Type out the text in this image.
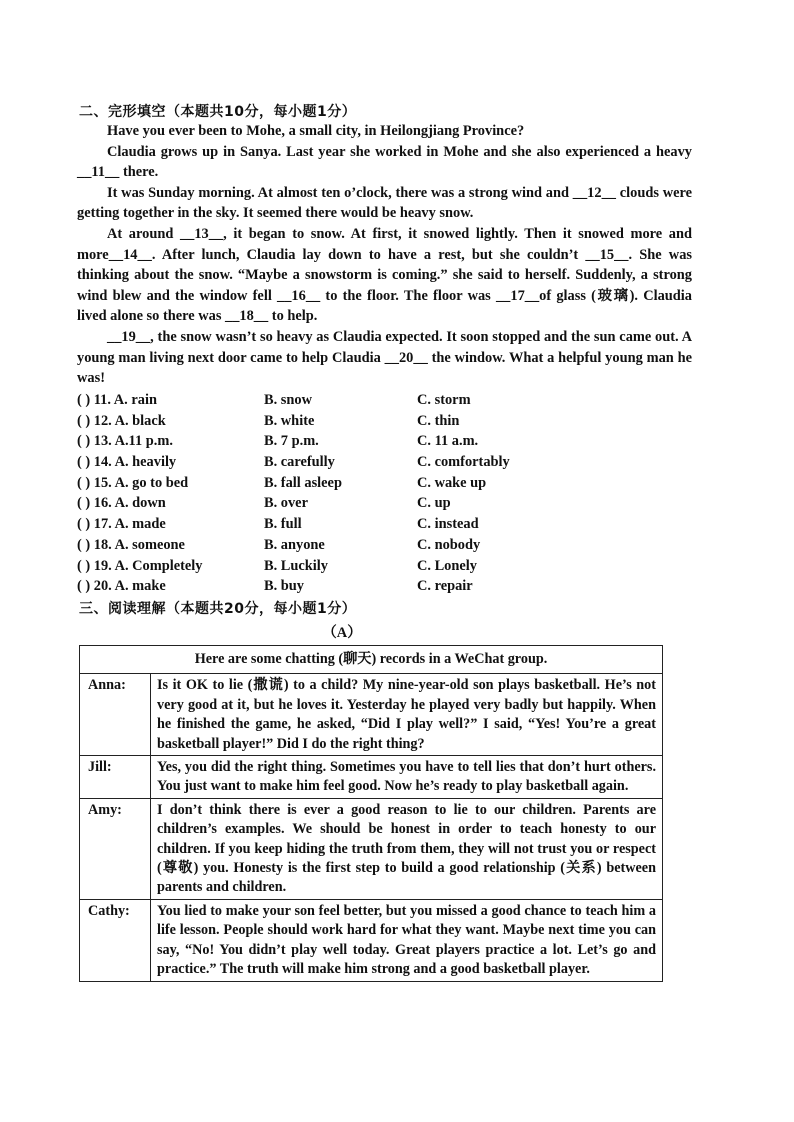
二、完形填空（本题共10分，每小题1分）

Have you ever been to Mohe, a small city, in Heilongjiang Province?

Claudia grows up in Sanya. Last year she worked in Mohe and she also experienced a heavy __11__ there.

It was Sunday morning. At almost ten o’clock, there was a strong wind and __12__ clouds were getting together in the sky. It seemed there would be heavy snow.

At around __13__, it began to snow. At first, it snowed lightly. Then it snowed more and more__14__. After lunch, Claudia lay down to have a rest, but she couldn’t __15__. She was thinking about the snow. “Maybe a snowstorm is coming.” she said to herself. Suddenly, a strong wind blew and the window fell __16__ to the floor. The floor was __17__of glass (玻璃). Claudia lived alone so there was __18__ to help.

__19__, the snow wasn’t so heavy as Claudia expected. It soon stopped and the sun came out. A young man living next door came to help Claudia __20__ the window. What a helpful young man he was!

( ) 11. A. rain	B. snow	C. storm
( ) 12. A. black	B. white	C. thin
( ) 13. A.11 p.m.	B. 7 p.m.	C. 11 a.m.
( ) 14. A. heavily	B. carefully	C. comfortably
( ) 15. A. go to bed	B. fall asleep	C. wake up
( ) 16. A. down	B. over	C. up
( ) 17. A. made	B. full	C. instead
( ) 18. A. someone	B. anyone	C. nobody
( ) 19. A. Completely	B. Luckily	C. Lonely
( ) 20. A. make	B. buy	C. repair
三、阅读理解（本题共20分，每小题1分）
（A）
Here are some chatting (聊天) records in a WeChat group.	
Anna:	Is it OK to lie (撒谎) to a child? My nine-year-old son plays basketball. He’s not very good at it, but he loves it. Yesterday he played very badly but happily. When he finished the game, he asked, “Did I play well?” I said, “Yes! You’re a great basketball player!” Did I do the right thing?
Jill:	Yes, you did the right thing. Sometimes you have to tell lies that don’t hurt others. You just want to make him feel good. Now he’s ready to play basketball again.
Amy:	I don’t think there is ever a good reason to lie to our children. Parents are children’s examples. We should be honest in order to teach honesty to our children. If you keep hiding the truth from them, they will not trust you or respect (尊敬) you. Honesty is the first step to build a good relationship (关系) between parents and children.
Cathy:	You lied to make your son feel better, but you missed a good chance to teach him a life lesson. People should work hard for what they want. Maybe next time you can say, “No! You didn’t play well today. Great players practice a lot. Let’s go and practice.” The truth will make him strong and a good basketball player.
